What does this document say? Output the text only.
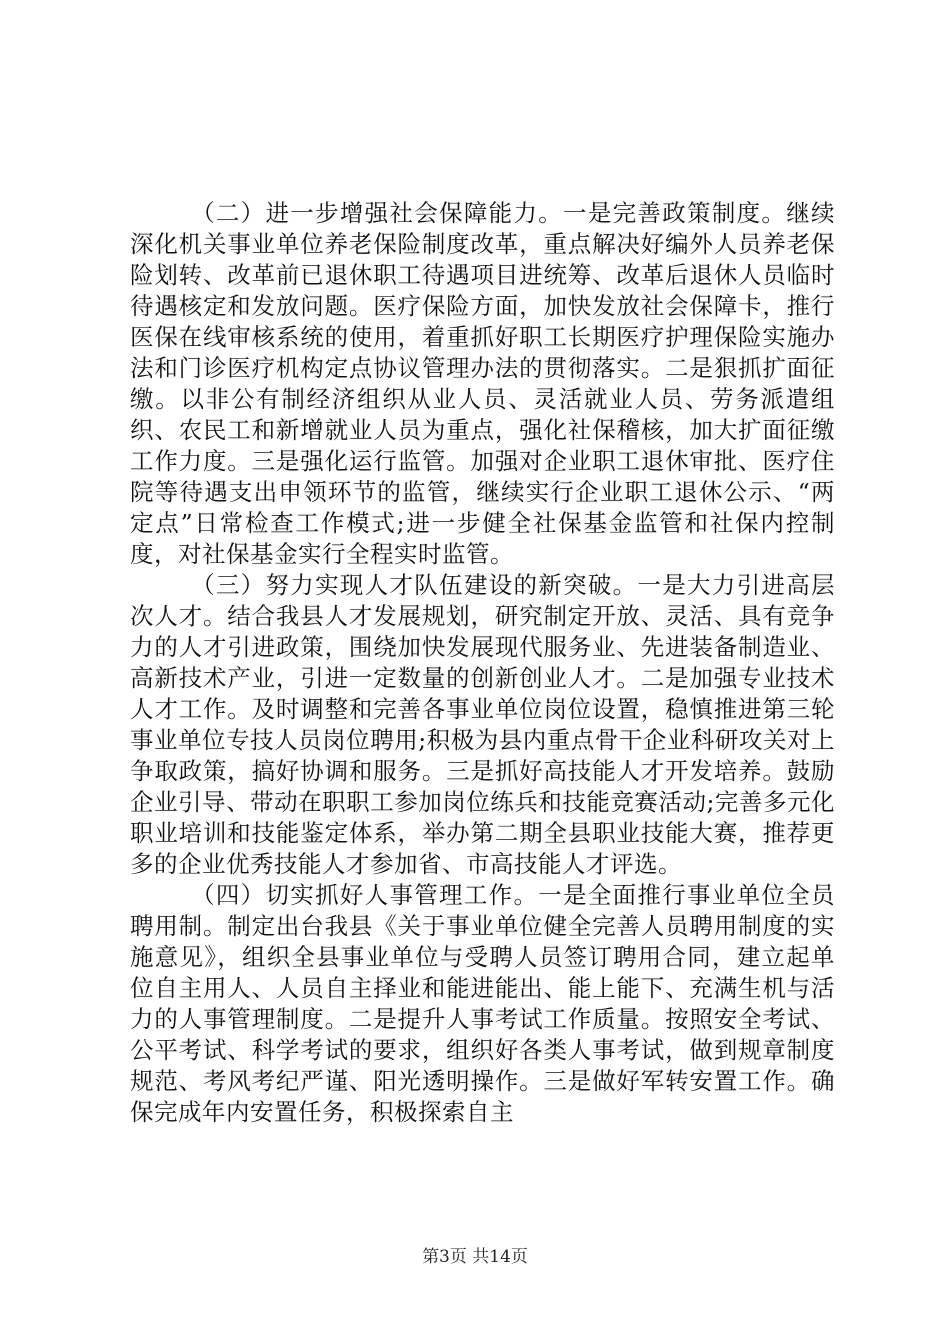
（二）进一步增强社会保障能力。一是完善政策制度。继续深化机关事业单位养老保险制度改革，重点解决好编外人员养老保险划转、改革前已退休职工待遇项目进统筹、改革后退休人员临时待遇核定和发放问题。医疗保险方面，加快发放社会保障卡，推行医保在线审核系统的使用，着重抓好职工长期医疗护理保险实施办法和门诊医疗机构定点协议管理办法的贯彻落实。二是狠抓扩面征缴。以非公有制经济组织从业人员、灵活就业人员、劳务派遣组织、农民工和新增就业人员为重点，强化社保稽核，加大扩面征缴工作力度。三是强化运行监管。加强对企业职工退休审批、医疗住院等待遇支出申领环节的监管，继续实行企业职工退休公示、“两定点”日常检查工作模式;进一步健全社保基金监管和社保内控制度，对社保基金实行全程实时监管。

（三）努力实现人才队伍建设的新突破。一是大力引进高层次人才。结合我县人才发展规划，研究制定开放、灵活、具有竞争力的人才引进政策，围绕加快发展现代服务业、先进装备制造业、高新技术产业，引进一定数量的创新创业人才。二是加强专业技术人才工作。及时调整和完善各事业单位岗位设置，稳慎推进第三轮事业单位专技人员岗位聘用;积极为县内重点骨干企业科研攻关对上争取政策，搞好协调和服务。三是抓好高技能人才开发培养。鼓励企业引导、带动在职职工参加岗位练兵和技能竞赛活动;完善多元化职业培训和技能鉴定体系，举办第二期全县职业技能大赛，推荐更多的企业优秀技能人才参加省、市高技能人才评选。

（四）切实抓好人事管理工作。一是全面推行事业单位全员聘用制。制定出台我县《关于事业单位健全完善人员聘用制度的实施意见》，组织全县事业单位与受聘人员签订聘用合同，建立起单位自主用人、人员自主择业和能进能出、能上能下、充满生机与活力的人事管理制度。二是提升人事考试工作质量。按照安全考试、公平考试、科学考试的要求，组织好各类人事考试，做到规章制度规范、考风考纪严谨、阳光透明操作。三是做好军转安置工作。确保完成年内安置任务，积极探索自主

第3页 共14页
